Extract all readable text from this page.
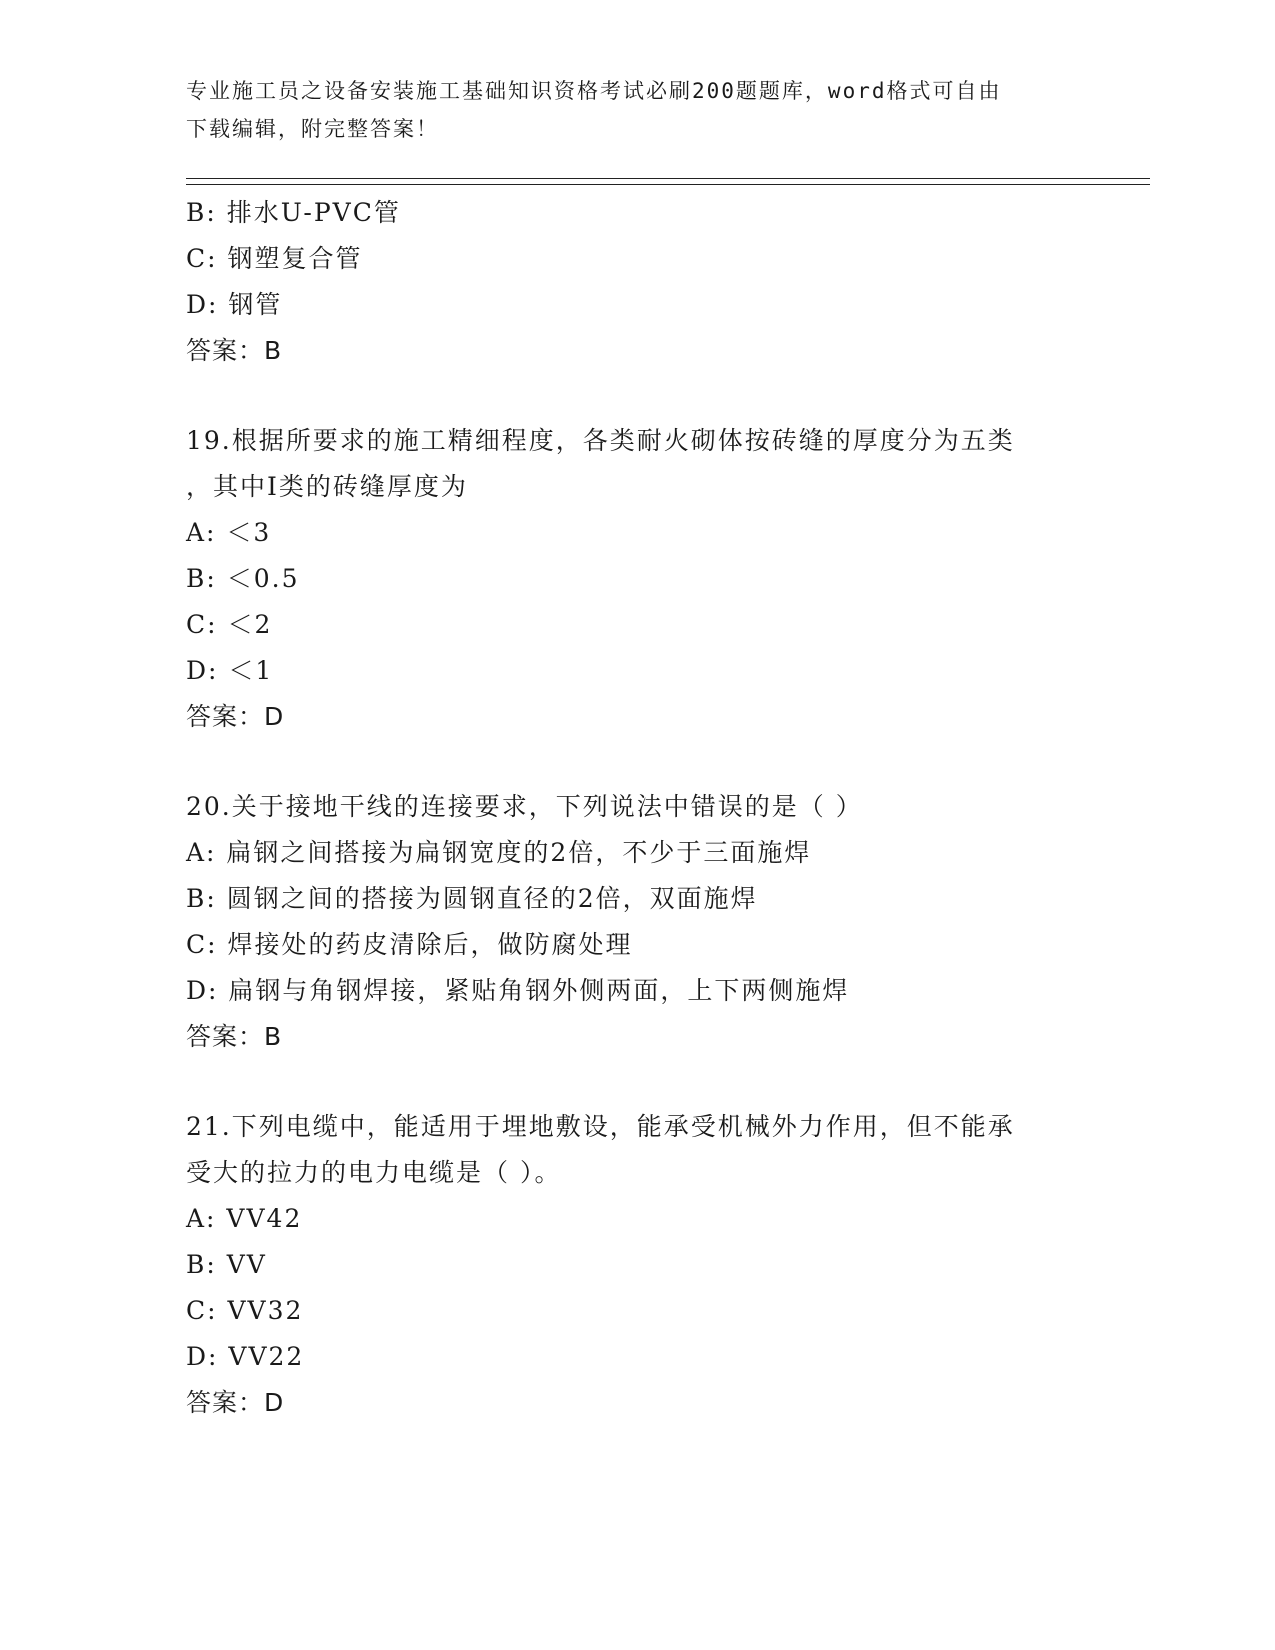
专业施工员之设备安装施工基础知识资格考试必刷200题题库，word格式可自由
下载编辑，附完整答案！
B: 排水U-PVC管
C: 钢塑复合管
D: 钢管
答案：B
19.根据所要求的施工精细程度，各类耐火砌体按砖缝的厚度分为五类
，其中Ⅰ类的砖缝厚度为
A: ＜3
B: ＜0.5
C: ＜2
D: ＜1
答案：D
20.关于接地干线的连接要求，下列说法中错误的是（ ）
A: 扁钢之间搭接为扁钢宽度的2倍，不少于三面施焊
B: 圆钢之间的搭接为圆钢直径的2倍，双面施焊
C: 焊接处的药皮清除后，做防腐处理
D: 扁钢与角钢焊接，紧贴角钢外侧两面，上下两侧施焊
答案：B
21.下列电缆中，能适用于埋地敷设，能承受机械外力作用，但不能承
受大的拉力的电力电缆是（ ）。
A: VV42
B: VV
C: VV32
D: VV22
答案：D
